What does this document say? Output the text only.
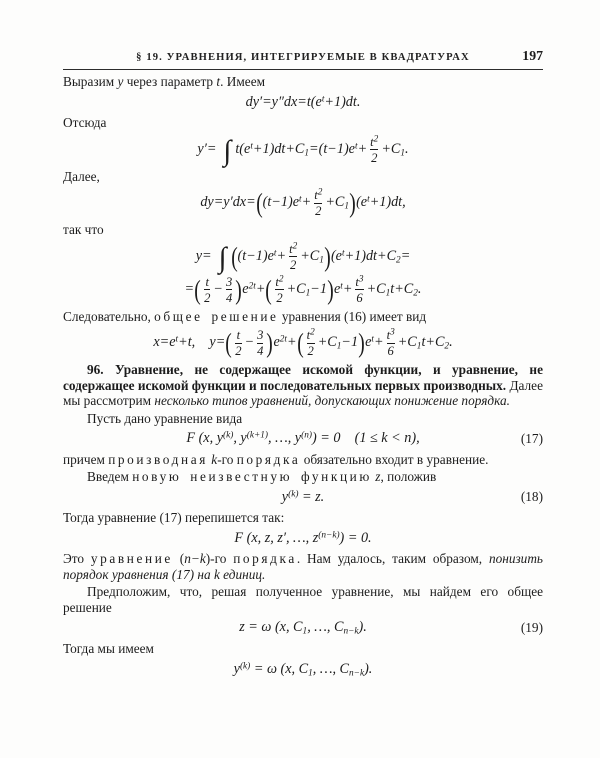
§ 19. УРАВНЕНИЯ, ИНТЕГРИРУЕМЫЕ В КВАДРАТУРАХ	197

Выразим y через параметр t. Имеем

$dy'=y''dx=t(e^t+1)dt$.

Отсюда

y′= ∫ $t(e^t+1)dt+C_1=(t-1)e^t+ \frac{t^2}{2} +C_1$.

Далее,

dy=y′dx= ( $(t-1)e^t+ \frac{t^2}{2} +C_1$ ) $(e^t+1)dt$,

так что

y= ∫ ( $(t-1)e^t+ \frac{t^2}{2} +C_1$ ) $(e^t+1)dt+C_2=$
= ( $\frac{t}{2} - \frac{3}{4}$ ) $e^{2t}+$ ( $\frac{t^2}{2} +C_1-1$ ) $e^t+ \frac{t^3}{6} +C_1t+C_2$.

Следовательно, общее решение уравнения (16) имеет вид

$x=e^t+t$, y= ( $\frac{t}{2} - \frac{3}{4}$ ) $e^{2t}+$ ( $\frac{t^2}{2} +C_1-1$ ) $e^t+ \frac{t^3}{6} +C_1t+C_2$.

96. Уравнение, не содержащее искомой функции, и уравнение, не содержащее искомой функции и последовательных первых производных. Далее мы рассмотрим несколько типов уравнений, допускающих понижение порядка.

Пусть дано уравнение вида

F (x, $y^{(k)}$, $y^{(k+1)}$, …, $y^{(n)}) = 0$ (1 ≤ k < n),	(17)

причем производная k-го порядка обязательно входит в уравнение.

Введем новую неизвестную функцию z, положив

$y^{(k)} = z$.	(18)

Тогда уравнение (17) перепишется так:

F (x, z, z′, …, $z^{(n-k)}) = 0$.

Это уравнение (n−k)-го порядка. Нам удалось, таким образом, понизить порядок уравнения (17) на k единиц.

Предположим, что, решая полученное уравнение, мы найдем его общее решение

z = ω (x, $C_1$, …, $C_{n-k}$).	(19)

Тогда мы имеем

$y^{(k)} = \omega$ (x, $C_1$, …, $C_{n-k}$).
